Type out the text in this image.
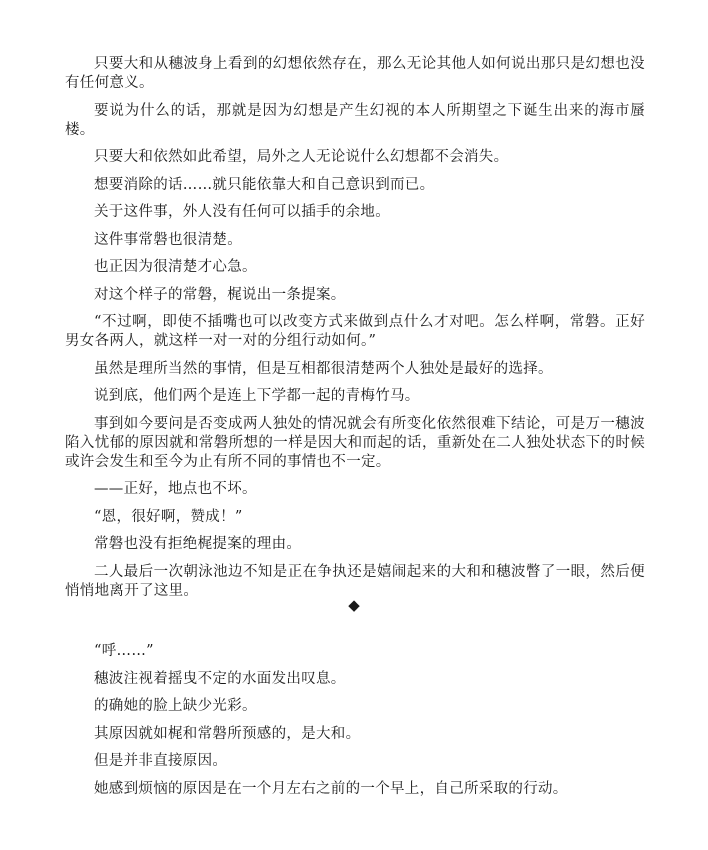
只要大和从穗波身上看到的幻想依然存在，那么无论其他人如何说出那只是幻想也没有任何意义。

要说为什么的话，那就是因为幻想是产生幻视的本人所期望之下诞生出来的海市蜃楼。

只要大和依然如此希望，局外之人无论说什么幻想都不会消失。

想要消除的话……就只能依靠大和自己意识到而已。

关于这件事，外人没有任何可以插手的余地。

这件事常磐也很清楚。

也正因为很清楚才心急。

对这个样子的常磐，梶说出一条提案。

“不过啊，即使不插嘴也可以改变方式来做到点什么才对吧。怎么样啊，常磐。正好男女各两人，就这样一对一对的分组行动如何。”

虽然是理所当然的事情，但是互相都很清楚两个人独处是最好的选择。

说到底，他们两个是连上下学都一起的青梅竹马。

事到如今要问是否变成两人独处的情况就会有所变化依然很难下结论，可是万一穗波陷入忧郁的原因就和常磐所想的一样是因大和而起的话，重新处在二人独处状态下的时候或许会发生和至今为止有所不同的事情也不一定。

——正好，地点也不坏。

“恩，很好啊，赞成！”

常磐也没有拒绝梶提案的理由。

二人最后一次朝泳池边不知是正在争执还是嬉闹起来的大和和穗波瞥了一眼，然后便悄悄地离开了这里。

◆

“呼……”

穗波注视着摇曳不定的水面发出叹息。

的确她的脸上缺少光彩。

其原因就如梶和常磐所预感的，是大和。

但是并非直接原因。

她感到烦恼的原因是在一个月左右之前的一个早上，自己所采取的行动。
